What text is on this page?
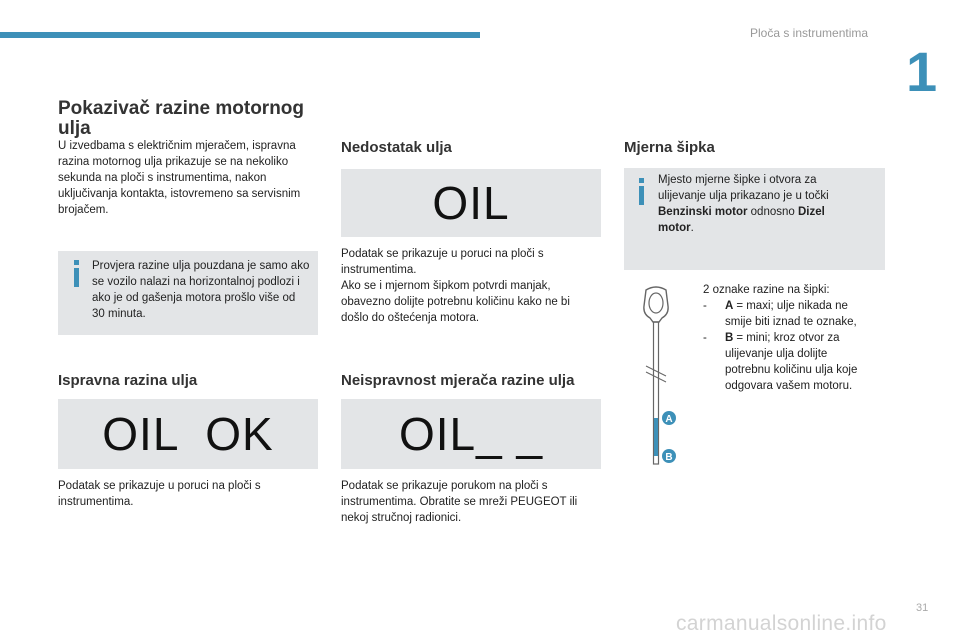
Ploča s instrumentima
1
Pokazivač razine motornog ulja

U izvedbama s električnim mjeračem, ispravna razina motornog ulja prikazuje se na nekoliko sekunda na ploči s instrumentima, nakon uključivanja kontakta, istovremeno sa servisnim brojačem.

Provjera razine ulja pouzdana je samo ako se vozilo nalazi na horizontalnoj podlozi i ako je od gašenja motora prošlo više od 30 minuta.
Ispravna razina ulja
OIL  OK

Podatak se prikazuje u poruci na ploči s instrumentima.

Nedostatak ulja
OIL

Podatak se prikazuje u poruci na ploči s instrumentima.

Ako se i mjernom šipkom potvrdi manjak, obavezno dolijte potrebnu količinu kako ne bi došlo do oštećenja motora.

Neispravnost mjerača razine ulja
OIL_ _

Podatak se prikazuje porukom na ploči s instrumentima. Obratite se mreži PEUGEOT ili nekoj stručnoj radionici.

Mjerna šipka
Mjesto mjerne šipke i otvora za ulijevanje ulja prikazano je u točki Benzinski motor odnosno Dizel motor.
A
B
2 oznake razine na šipki:
-	A = maxi; ulje nikada ne smije biti iznad te oznake,
-	B = mini; kroz otvor za ulijevanje ulja dolijte potrebnu količinu ulja koje odgovara vašem motoru.
carmanualsonline.info
31
